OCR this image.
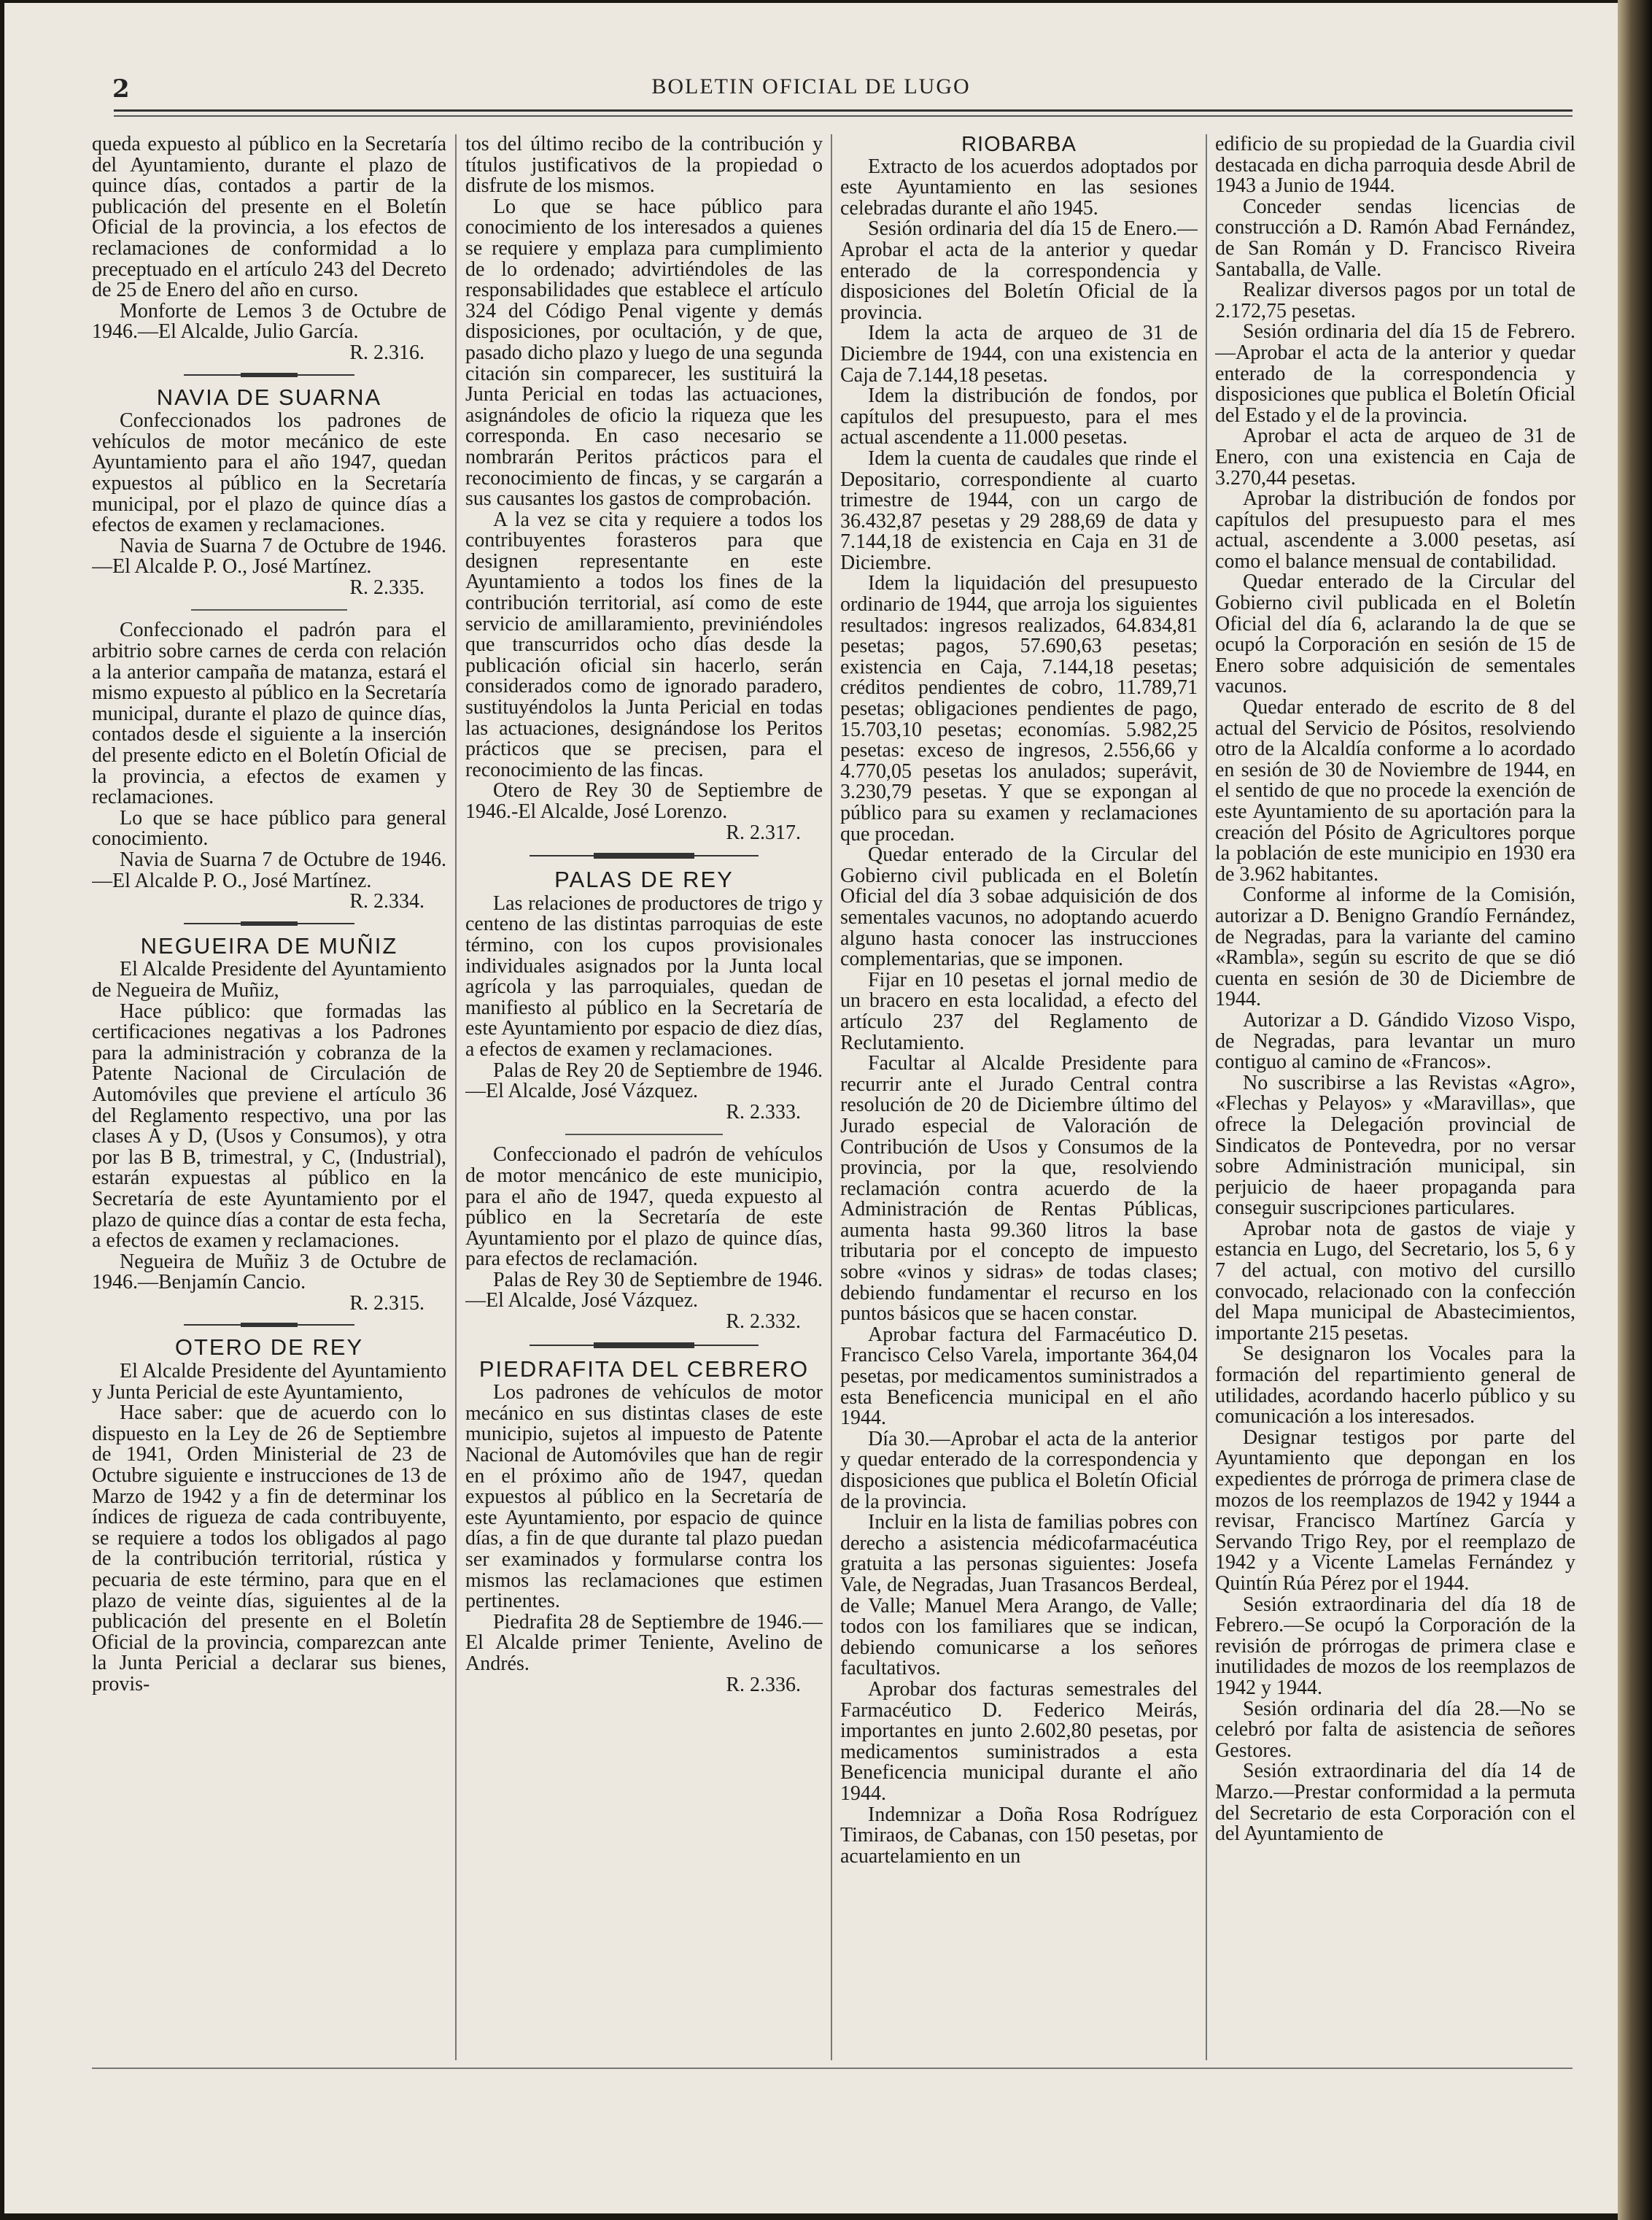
2	BOLETIN OFICIAL DE LUGO

queda expuesto al público en la Secretaría del Ayuntamiento, durante el plazo de quince días, contados a partir de la publicación del presente en el Boletín Oficial de la provincia, a los efectos de reclamaciones de conformidad a lo preceptuado en el artículo 243 del Decreto de 25 de Enero del año en curso.

Monforte de Lemos 3 de Octubre de 1946.—El Alcalde, Julio García.

R. 2.316.

NAVIA DE SUARNA

Confeccionados los padrones de vehículos de motor mecánico de este Ayuntamiento para el año 1947, quedan expuestos al público en la Secretaría municipal, por el plazo de quince días a efectos de examen y reclamaciones.

Navia de Suarna 7 de Octubre de 1946.—El Alcalde P. O., José Martínez.

R. 2.335.

Confeccionado el padrón para el arbitrio sobre carnes de cerda con relación a la anterior campaña de matanza, estará el mismo expuesto al público en la Secretaría municipal, durante el plazo de quince días, contados desde el siguiente a la inserción del presente edicto en el Boletín Oficial de la provincia, a efectos de examen y reclamaciones.

Lo que se hace público para general conocimiento.

Navia de Suarna 7 de Octubre de 1946.—El Alcalde P. O., José Martínez.

R. 2.334.

NEGUEIRA DE MUÑIZ

El Alcalde Presidente del Ayuntamiento de Negueira de Muñiz,

Hace público: que formadas las certificaciones negativas a los Padrones para la administración y cobranza de la Patente Nacional de Circulación de Automóviles que previene el artículo 36 del Reglamento respectivo, una por las clases A y D, (Usos y Consumos), y otra por las B B, trimestral, y C, (Industrial), estarán expuestas al público en la Secretaría de este Ayuntamiento por el plazo de quince días a contar de esta fecha, a efectos de examen y reclamaciones.

Negueira de Muñiz 3 de Octubre de 1946.—Benjamín Cancio.

R. 2.315.

OTERO DE REY

El Alcalde Presidente del Ayuntamiento y Junta Pericial de este Ayuntamiento,

Hace saber: que de acuerdo con lo dispuesto en la Ley de 26 de Septiembre de 1941, Orden Ministerial de 23 de Octubre siguiente e instrucciones de 13 de Marzo de 1942 y a fin de determinar los índices de rigueza de cada contribuyente, se requiere a todos los obligados al pago de la contribución territorial, rústica y pecuaria de este término, para que en el plazo de veinte días, siguientes al de la publicación del presente en el Boletín Oficial de la provincia, comparezcan ante la Junta Pericial a declarar sus bienes, provis-

tos del último recibo de la contribución y títulos justificativos de la propiedad o disfrute de los mismos.

Lo que se hace público para conocimiento de los interesados a quienes se requiere y emplaza para cumplimiento de lo ordenado; advirtiéndoles de las responsabilidades que establece el artículo 324 del Código Penal vigente y demás disposiciones, por ocultación, y de que, pasado dicho plazo y luego de una segunda citación sin comparecer, les sustituirá la Junta Pericial en todas las actuaciones, asignándoles de oficio la riqueza que les corresponda. En caso necesario se nombrarán Peritos prácticos para el reconocimiento de fincas, y se cargarán a sus causantes los gastos de comprobación.

A la vez se cita y requiere a todos los contribuyentes forasteros para que designen representante en este Ayuntamiento a todos los fines de la contribución territorial, así como de este servicio de amillaramiento, previniéndoles que transcurridos ocho días desde la publicación oficial sin hacerlo, serán considerados como de ignorado paradero, sustituyéndolos la Junta Pericial en todas las actuaciones, designándose los Peritos prácticos que se precisen, para el reconocimiento de las fincas.

Otero de Rey 30 de Septiembre de 1946.-El Alcalde, José Lorenzo.

R. 2.317.

PALAS DE REY

Las relaciones de productores de trigo y centeno de las distintas parroquias de este término, con los cupos provisionales individuales asignados por la Junta local agrícola y las parroquiales, quedan de manifiesto al público en la Secretaría de este Ayuntamiento por espacio de diez días, a efectos de examen y reclamaciones.

Palas de Rey 20 de Septiembre de 1946.—El Alcalde, José Vázquez.

R. 2.333.

Confeccionado el padrón de vehículos de motor mencánico de este municipio, para el año de 1947, queda expuesto al público en la Secretaría de este Ayuntamiento por el plazo de quince días, para efectos de reclamación.

Palas de Rey 30 de Septiembre de 1946.—El Alcalde, José Vázquez.

R. 2.332.

PIEDRAFITA DEL CEBRERO

Los padrones de vehículos de motor mecánico en sus distintas clases de este municipio, sujetos al impuesto de Patente Nacional de Automóviles que han de regir en el próximo año de 1947, quedan expuestos al público en la Secretaría de este Ayuntamiento, por espacio de quince días, a fin de que durante tal plazo puedan ser examinados y formularse contra los mismos las reclamaciones que estimen pertinentes.

Piedrafita 28 de Septiembre de 1946.—El Alcalde primer Teniente, Avelino de Andrés.

R. 2.336.

RIOBARBA

Extracto de los acuerdos adoptados por este Ayuntamiento en las sesiones celebradas durante el año 1945.

Sesión ordinaria del día 15 de Enero.—Aprobar el acta de la anterior y quedar enterado de la correspondencia y disposiciones del Boletín Oficial de la provincia.

Idem la acta de arqueo de 31 de Diciembre de 1944, con una existencia en Caja de 7.144,18 pesetas.

Idem la distribución de fondos, por capítulos del presupuesto, para el mes actual ascendente a 11.000 pesetas.

Idem la cuenta de caudales que rinde el Depositario, correspondiente al cuarto trimestre de 1944, con un cargo de 36.432,87 pesetas y 29 288,69 de data y 7.144,18 de existencia en Caja en 31 de Diciembre.

Idem la liquidación del presupuesto ordinario de 1944, que arroja los siguientes resultados: ingresos realizados, 64.834,81 pesetas; pagos, 57.690,63 pesetas; existencia en Caja, 7.144,18 pesetas; créditos pendientes de cobro, 11.789,71 pesetas; obligaciones pendientes de pago, 15.703,10 pesetas; economías. 5.982,25 pesetas: exceso de ingresos, 2.556,66 y 4.770,05 pesetas los anulados; superávit, 3.230,79 pesetas. Y que se expongan al público para su examen y reclamaciones que procedan.

Quedar enterado de la Circular del Gobierno civil publicada en el Boletín Oficial del día 3 sobae adquisición de dos sementales vacunos, no adoptando acuerdo alguno hasta conocer las instrucciones complementarias, que se imponen.

Fijar en 10 pesetas el jornal medio de un bracero en esta localidad, a efecto del artículo 237 del Reglamento de Reclutamiento.

Facultar al Alcalde Presidente para recurrir ante el Jurado Central contra resolución de 20 de Diciembre último del Jurado especial de Valoración de Contribución de Usos y Consumos de la provincia, por la que, resolviendo reclamación contra acuerdo de la Administración de Rentas Públicas, aumenta hasta 99.360 litros la base tributaria por el concepto de impuesto sobre «vinos y sidras» de todas clases; debiendo fundamentar el recurso en los puntos básicos que se hacen constar.

Aprobar factura del Farmacéutico D. Francisco Celso Varela, importante 364,04 pesetas, por medicamentos suministrados a esta Beneficencia municipal en el año 1944.

Día 30.—Aprobar el acta de la anterior y quedar enterado de la correspondencia y disposiciones que publica el Boletín Oficial de la provincia.

Incluir en la lista de familias pobres con derecho a asistencia médicofarmacéutica gratuita a las personas siguientes: Josefa Vale, de Negradas, Juan Trasancos Berdeal, de Valle; Manuel Mera Arango, de Valle; todos con los familiares que se indican, debiendo comunicarse a los señores facultativos.

Aprobar dos facturas semestrales del Farmacéutico D. Federico Meirás, importantes en junto 2.602,80 pesetas, por medicamentos suministrados a esta Beneficencia municipal durante el año 1944.

Indemnizar a Doña Rosa Rodríguez Timiraos, de Cabanas, con 150 pesetas, por acuartelamiento en un

edificio de su propiedad de la Guardia civil destacada en dicha parroquia desde Abril de 1943 a Junio de 1944.

Conceder sendas licencias de construcción a D. Ramón Abad Fernández, de San Román y D. Francisco Riveira Santaballa, de Valle.

Realizar diversos pagos por un total de 2.172,75 pesetas.

Sesión ordinaria del día 15 de Febrero.—Aprobar el acta de la anterior y quedar enterado de la correspondencia y disposiciones que publica el Boletín Oficial del Estado y el de la provincia.

Aprobar el acta de arqueo de 31 de Enero, con una existencia en Caja de 3.270,44 pesetas.

Aprobar la distribución de fondos por capítulos del presupuesto para el mes actual, ascendente a 3.000 pesetas, así como el balance mensual de contabilidad.

Quedar enterado de la Circular del Gobierno civil publicada en el Boletín Oficial del día 6, aclarando la de que se ocupó la Corporación en sesión de 15 de Enero sobre adquisición de sementales vacunos.

Quedar enterado de escrito de 8 del actual del Servicio de Pósitos, resolviendo otro de la Alcaldía conforme a lo acordado en sesión de 30 de Noviembre de 1944, en el sentido de que no procede la exención de este Ayuntamiento de su aportación para la creación del Pósito de Agricultores porque la población de este municipio en 1930 era de 3.962 habitantes.

Conforme al informe de la Comisión, autorizar a D. Benigno Grandío Fernández, de Negradas, para la variante del camino «Rambla», según su escrito de que se dió cuenta en sesión de 30 de Diciembre de 1944.

Autorizar a D. Gándido Vizoso Vispo, de Negradas, para levantar un muro contiguo al camino de «Francos».

No suscribirse a las Revistas «Agro», «Flechas y Pelayos» y «Maravillas», que ofrece la Delegación provincial de Sindicatos de Pontevedra, por no versar sobre Administración municipal, sin perjuicio de haeer propaganda para conseguir suscripciones particulares.

Aprobar nota de gastos de viaje y estancia en Lugo, del Secretario, los 5, 6 y 7 del actual, con motivo del cursillo convocado, relacionado con la confección del Mapa municipal de Abastecimientos, importante 215 pesetas.

Se designaron los Vocales para la formación del repartimiento general de utilidades, acordando hacerlo público y su comunicación a los interesados.

Designar testigos por parte del Ayuntamiento que depongan en los expedientes de prórroga de primera clase de mozos de los reemplazos de 1942 y 1944 a revisar, Francisco Martínez García y Servando Trigo Rey, por el reemplazo de 1942 y a Vicente Lamelas Fernández y Quintín Rúa Pérez por el 1944.

Sesión extraordinaria del día 18 de Febrero.—Se ocupó la Corporación de la revisión de prórrogas de primera clase e inutilidades de mozos de los reemplazos de 1942 y 1944.

Sesión ordinaria del día 28.—No se celebró por falta de asistencia de señores Gestores.

Sesión extraordinaria del día 14 de Marzo.—Prestar conformidad a la permuta del Secretario de esta Corporación con el del Ayuntamiento de
